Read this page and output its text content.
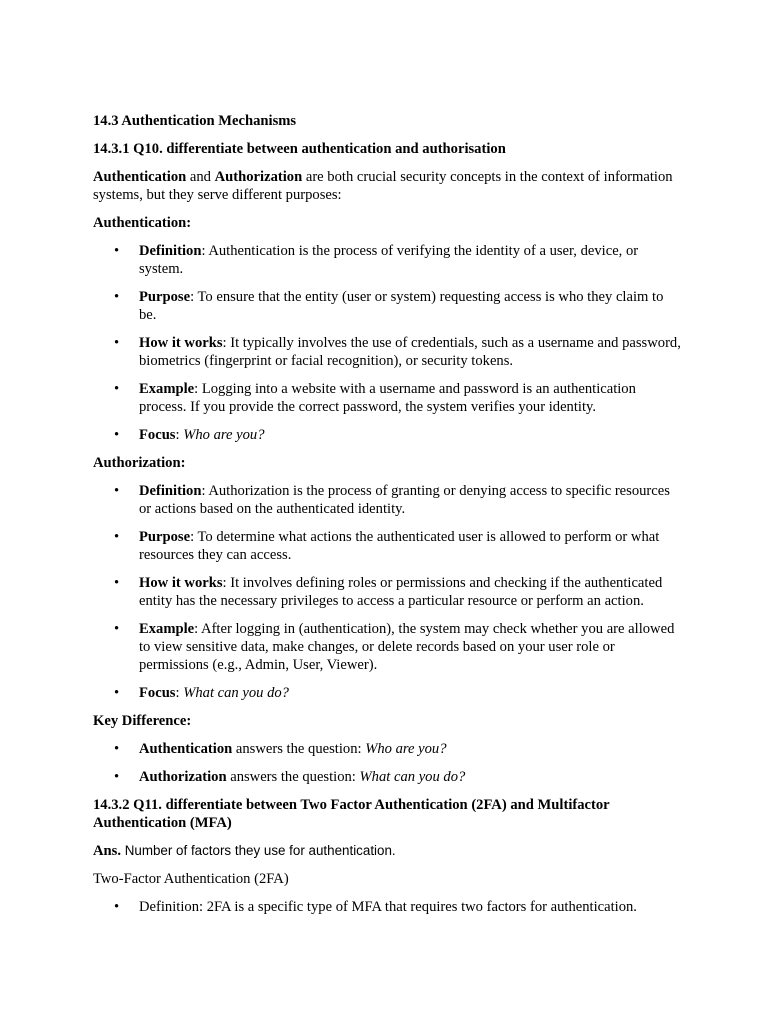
14.3 Authentication Mechanisms

14.3.1 Q10. differentiate between authentication and authorisation

Authentication and Authorization are both crucial security concepts in the context of information systems, but they serve different purposes:

Authentication:

• Definition: Authentication is the process of verifying the identity of a user, device, or system.
• Purpose: To ensure that the entity (user or system) requesting access is who they claim to be.
• How it works: It typically involves the use of credentials, such as a username and password, biometrics (fingerprint or facial recognition), or security tokens.
• Example: Logging into a website with a username and password is an authentication process. If you provide the correct password, the system verifies your identity.
• Focus: Who are you?

Authorization:

• Definition: Authorization is the process of granting or denying access to specific resources or actions based on the authenticated identity.
• Purpose: To determine what actions the authenticated user is allowed to perform or what resources they can access.
• How it works: It involves defining roles or permissions and checking if the authenticated entity has the necessary privileges to access a particular resource or perform an action.
• Example: After logging in (authentication), the system may check whether you are allowed to view sensitive data, make changes, or delete records based on your user role or permissions (e.g., Admin, User, Viewer).
• Focus: What can you do?

Key Difference:

• Authentication answers the question: Who are you?
• Authorization answers the question: What can you do?

14.3.2 Q11. differentiate between Two Factor Authentication (2FA) and Multifactor Authentication (MFA)

Ans. Number of factors they use for authentication.

Two-Factor Authentication (2FA)

• Definition: 2FA is a specific type of MFA that requires two factors for authentication.
